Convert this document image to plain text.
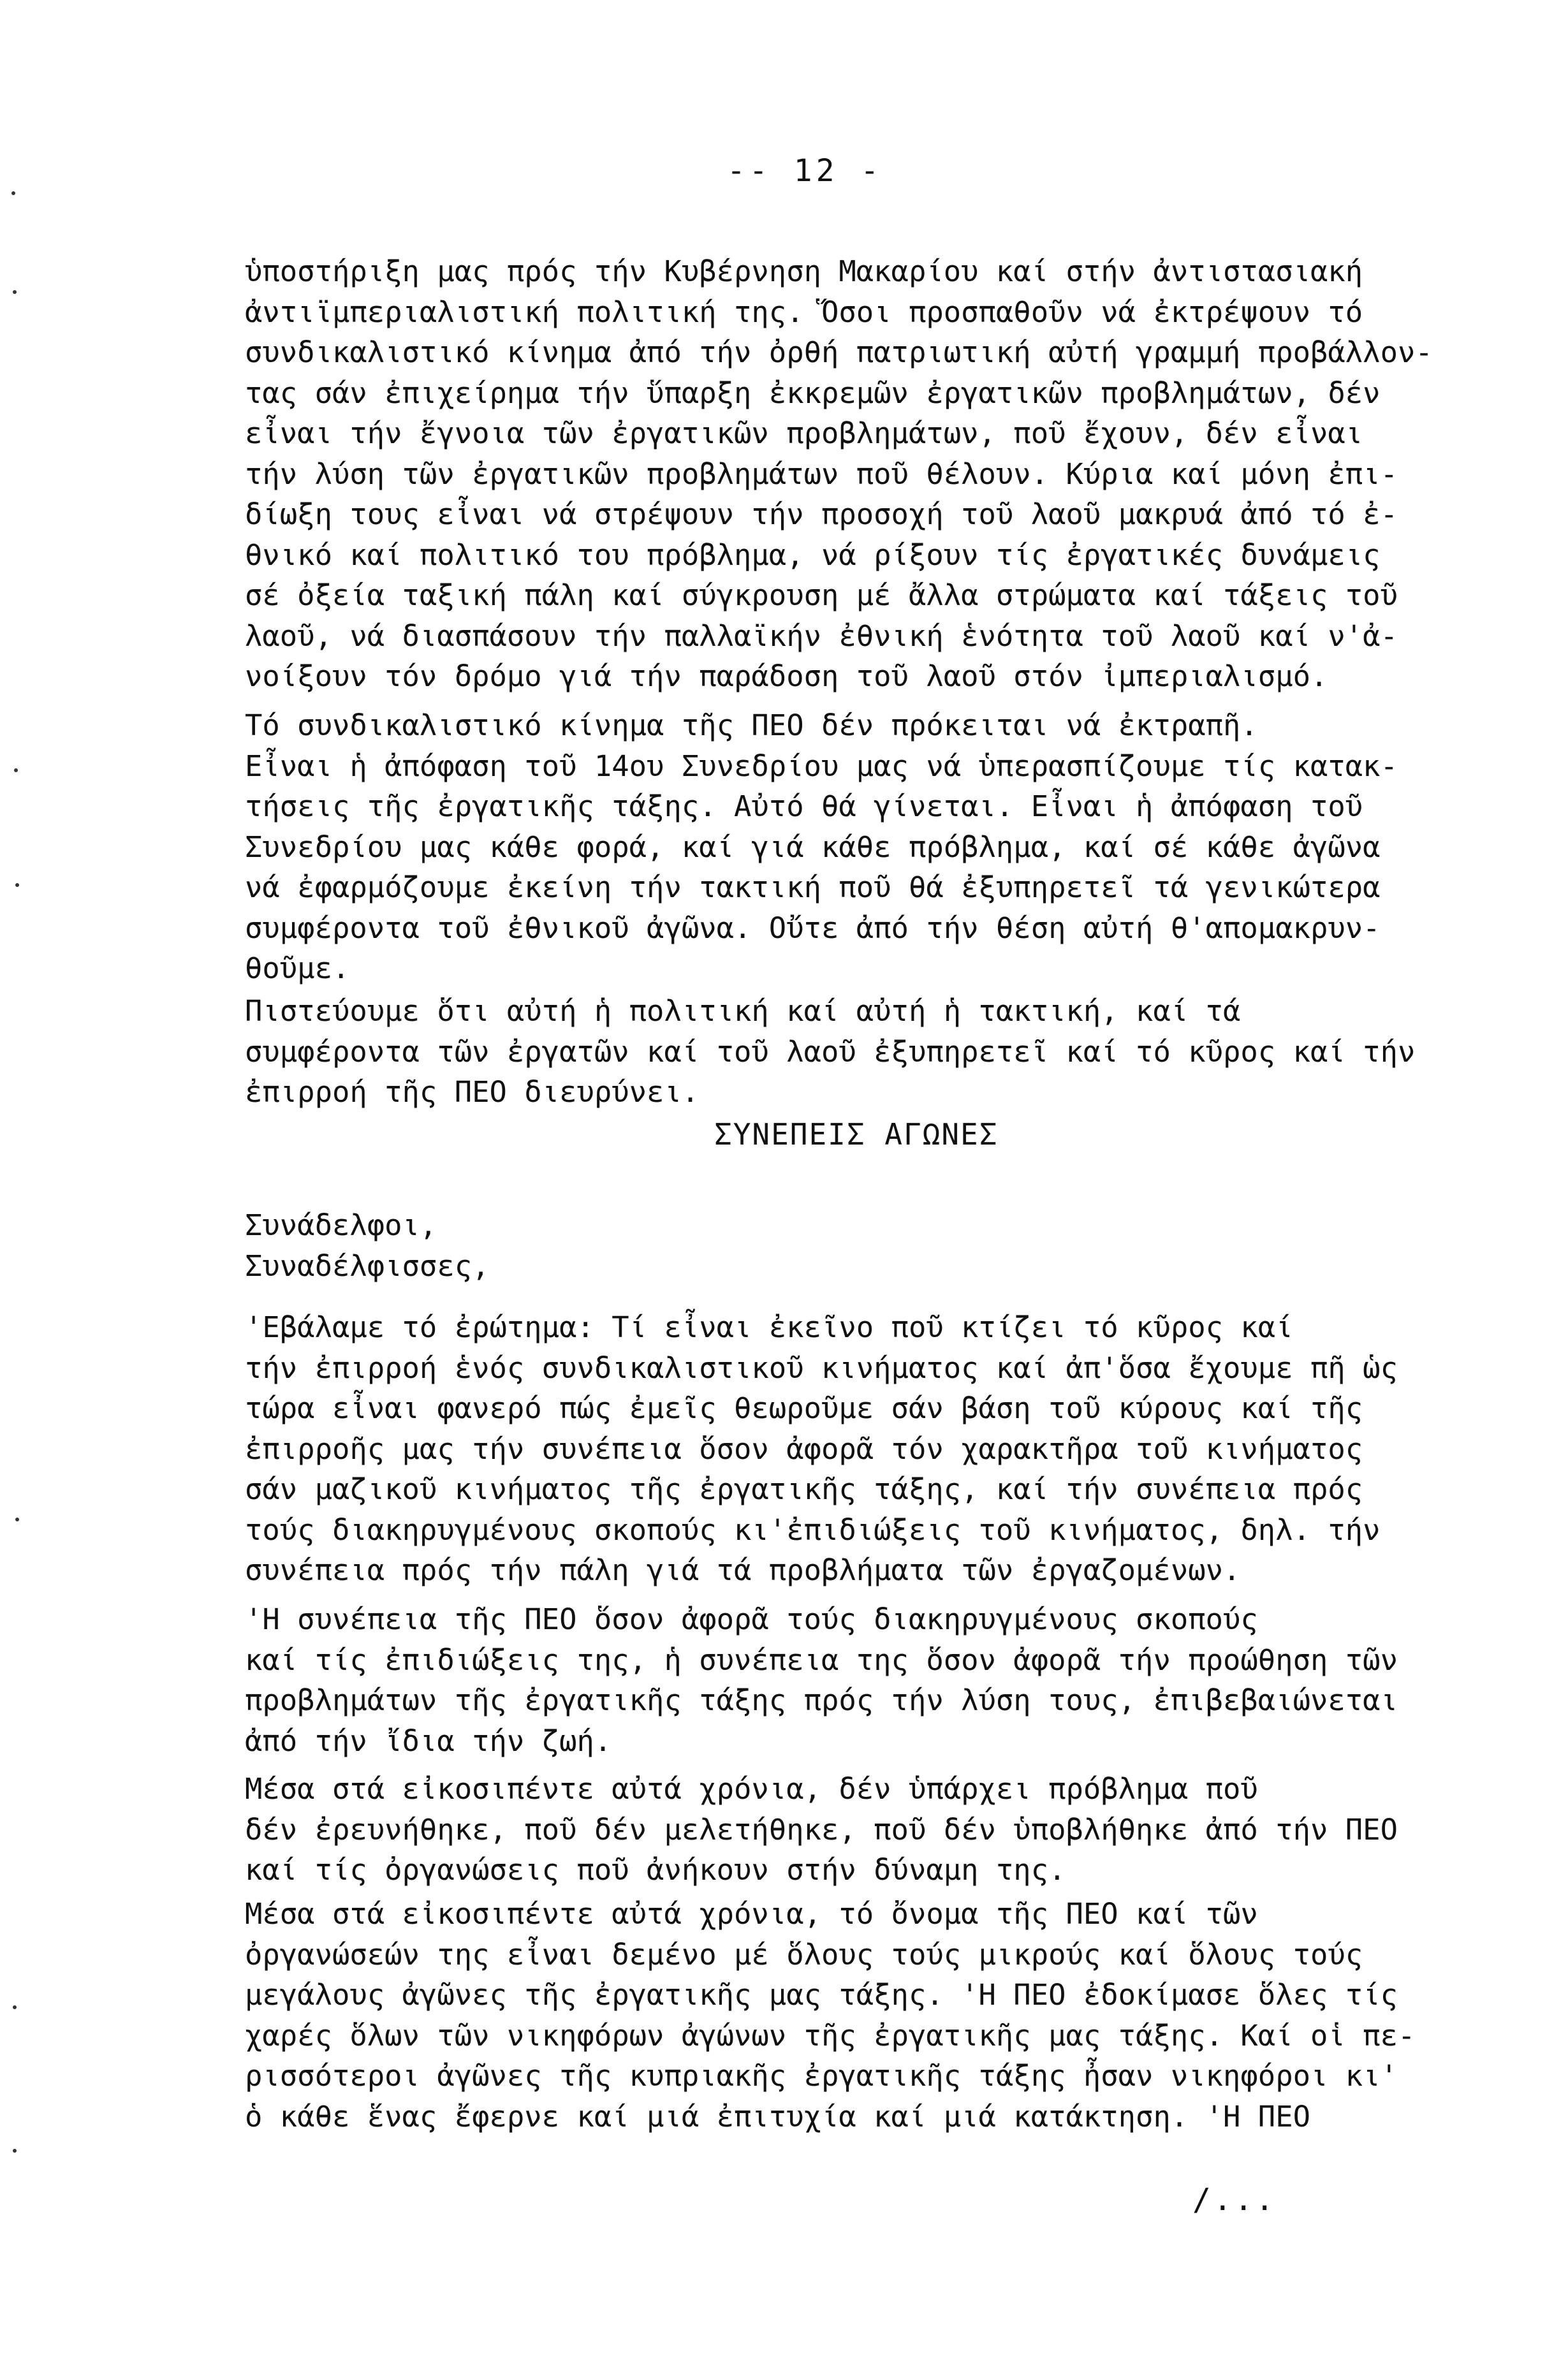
-- 12 -
ὑποστήριξη μας πρός τήν Κυβέρνηση Μακαρίου καί στήν ἀντιστασιακή
ἀντιϊμπεριαλιστική πολιτική της. Ὅσοι προσπαθοῦν νά ἐκτρέψουν τό
συνδικαλιστικό κίνημα ἀπό τήν ὀρθή πατριωτική αὐτή γραμμή προβάλλον-
τας σάν ἐπιχείρημα τήν ὕπαρξη ἐκκρεμῶν ἐργατικῶν προβλημάτων, δέν
εἶναι τήν ἔγνοια τῶν ἐργατικῶν προβλημάτων, ποῦ ἔχουν, δέν εἶναι
τήν λύση τῶν ἐργατικῶν προβλημάτων ποῦ θέλουν. Κύρια καί μόνη ἐπι-
δίωξη τους εἶναι νά στρέψουν τήν προσοχή τοῦ λαοῦ μακρυά ἀπό τό ἐ-
θνικό καί πολιτικό του πρόβλημα, νά ρίξουν τίς ἐργατικές δυνάμεις
σέ ὀξεία ταξική πάλη καί σύγκρουση μέ ἄλλα στρώματα καί τάξεις τοῦ
λαοῦ, νά διασπάσουν τήν παλλαϊκήν ἐθνική ἑνότητα τοῦ λαοῦ καί ν'ἀ-
νοίξουν τόν δρόμο γιά τήν παράδοση τοῦ λαοῦ στόν ἰμπεριαλισμό.
Τό συνδικαλιστικό κίνημα τῆς ΠΕΟ δέν πρόκειται νά ἐκτραπῆ.
Εἶναι ἡ ἀπόφαση τοῦ 14ου Συνεδρίου μας νά ὑπερασπίζουμε τίς κατακ-
τήσεις τῆς ἐργατικῆς τάξης. Αὐτό θά γίνεται. Εἶναι ἡ ἀπόφαση τοῦ
Συνεδρίου μας κάθε φορά, καί γιά κάθε πρόβλημα, καί σέ κάθε ἀγῶνα
νά ἐφαρμόζουμε ἐκείνη τήν τακτική ποῦ θά ἐξυπηρετεῖ τά γενικώτερα
συμφέροντα τοῦ ἐθνικοῦ ἀγῶνα. Οὔτε ἀπό τήν θέση αὐτή θ'απομακρυν-
θοῦμε.
Πιστεύουμε ὅτι αὐτή ἡ πολιτική καί αὐτή ἡ τακτική, καί τά
συμφέροντα τῶν ἐργατῶν καί τοῦ λαοῦ ἐξυπηρετεῖ καί τό κῦρος καί τήν
ἐπιρροή τῆς ΠΕΟ διευρύνει.
ΣΥΝΕΠΕΙΣ ΑΓΩΝΕΣ
Συνάδελφοι,
Συναδέλφισσες,
'Εβάλαμε τό ἐρώτημα: Τί εἶναι ἐκεῖνο ποῦ κτίζει τό κῦρος καί
τήν ἐπιρροή ἑνός συνδικαλιστικοῦ κινήματος καί ἀπ'ὅσα ἔχουμε πῆ ὡς
τώρα εἶναι φανερό πώς ἐμεῖς θεωροῦμε σάν βάση τοῦ κύρους καί τῆς
ἐπιρροῆς μας τήν συνέπεια ὅσον ἀφορᾶ τόν χαρακτῆρα τοῦ κινήματος
σάν μαζικοῦ κινήματος τῆς ἐργατικῆς τάξης, καί τήν συνέπεια πρός
τούς διακηρυγμένους σκοπούς κι'ἐπιδιώξεις τοῦ κινήματος, δηλ. τήν
συνέπεια πρός τήν πάλη γιά τά προβλήματα τῶν ἐργαζομένων.
'Η συνέπεια τῆς ΠΕΟ ὅσον ἀφορᾶ τούς διακηρυγμένους σκοπούς
καί τίς ἐπιδιώξεις της, ἡ συνέπεια της ὅσον ἀφορᾶ τήν προώθηση τῶν
προβλημάτων τῆς ἐργατικῆς τάξης πρός τήν λύση τους, ἐπιβεβαιώνεται
ἀπό τήν ἴδια τήν ζωή.
Μέσα στά εἰκοσιπέντε αὐτά χρόνια, δέν ὑπάρχει πρόβλημα ποῦ
δέν ἐρευνήθηκε, ποῦ δέν μελετήθηκε, ποῦ δέν ὑποβλήθηκε ἀπό τήν ΠΕΟ
καί τίς ὀργανώσεις ποῦ ἀνήκουν στήν δύναμη της.
Μέσα στά εἰκοσιπέντε αὐτά χρόνια, τό ὄνομα τῆς ΠΕΟ καί τῶν
ὀργανώσεών της εἶναι δεμένο μέ ὅλους τούς μικρούς καί ὅλους τούς
μεγάλους ἀγῶνες τῆς ἐργατικῆς μας τάξης. 'Η ΠΕΟ ἐδοκίμασε ὅλες τίς
χαρές ὅλων τῶν νικηφόρων ἀγώνων τῆς ἐργατικῆς μας τάξης. Καί οἱ πε-
ρισσότεροι ἀγῶνες τῆς κυπριακῆς ἐργατικῆς τάξης ἦσαν νικηφόροι κι'
ὁ κάθε ἕνας ἔφερνε καί μιά ἐπιτυχία καί μιά κατάκτηση. 'Η ΠΕΟ
/...
